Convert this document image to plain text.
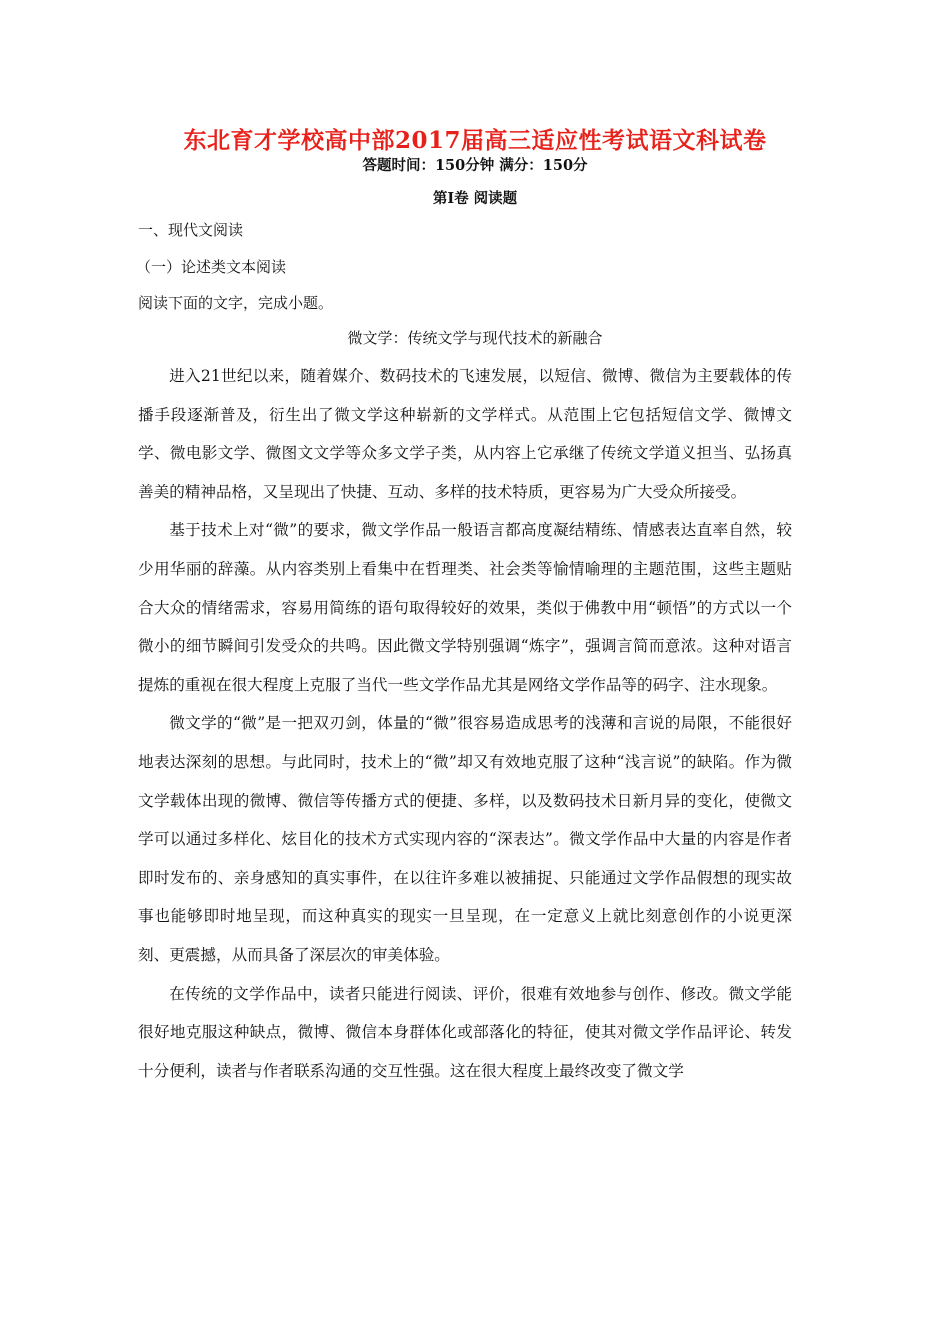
东北育才学校高中部2017届高三适应性考试语文科试卷
答题时间：150分钟 满分：150分
第Ⅰ卷 阅读题
一、现代文阅读
（一）论述类文本阅读
阅读下面的文字，完成小题。
微文学：传统文学与现代技术的新融合

进入21世纪以来，随着媒介、数码技术的飞速发展，以短信、微博、微信为主要载体的传播手段逐渐普及，衍生出了微文学这种崭新的文学样式。从范围上它包括短信文学、微博文学、微电影文学、微图文文学等众多文学子类，从内容上它承继了传统文学道义担当、弘扬真善美的精神品格，又呈现出了快捷、互动、多样的技术特质，更容易为广大受众所接受。

基于技术上对“微”的要求，微文学作品一般语言都高度凝结精练、情感表达直率自然，较少用华丽的辞藻。从内容类别上看集中在哲理类、社会类等愉情喻理的主题范围，这些主题贴合大众的情绪需求，容易用简练的语句取得较好的效果，类似于佛教中用“顿悟”的方式以一个微小的细节瞬间引发受众的共鸣。因此微文学特别强调“炼字”，强调言简而意浓。这种对语言提炼的重视在很大程度上克服了当代一些文学作品尤其是网络文学作品等的码字、注水现象。

微文学的“微”是一把双刃剑，体量的“微”很容易造成思考的浅薄和言说的局限，不能很好地表达深刻的思想。与此同时，技术上的“微”却又有效地克服了这种“浅言说”的缺陷。作为微文学载体出现的微博、微信等传播方式的便捷、多样，以及数码技术日新月异的变化，使微文学可以通过多样化、炫目化的技术方式实现内容的“深表达”。微文学作品中大量的内容是作者即时发布的、亲身感知的真实事件，在以往许多难以被捕捉、只能通过文学作品假想的现实故事也能够即时地呈现，而这种真实的现实一旦呈现，在一定意义上就比刻意创作的小说更深刻、更震撼，从而具备了深层次的审美体验。

在传统的文学作品中，读者只能进行阅读、评价，很难有效地参与创作、修改。微文学能很好地克服这种缺点，微博、微信本身群体化或部落化的特征，使其对微文学作品评论、转发十分便利，读者与作者联系沟通的交互性强。这在很大程度上最终改变了微文学
